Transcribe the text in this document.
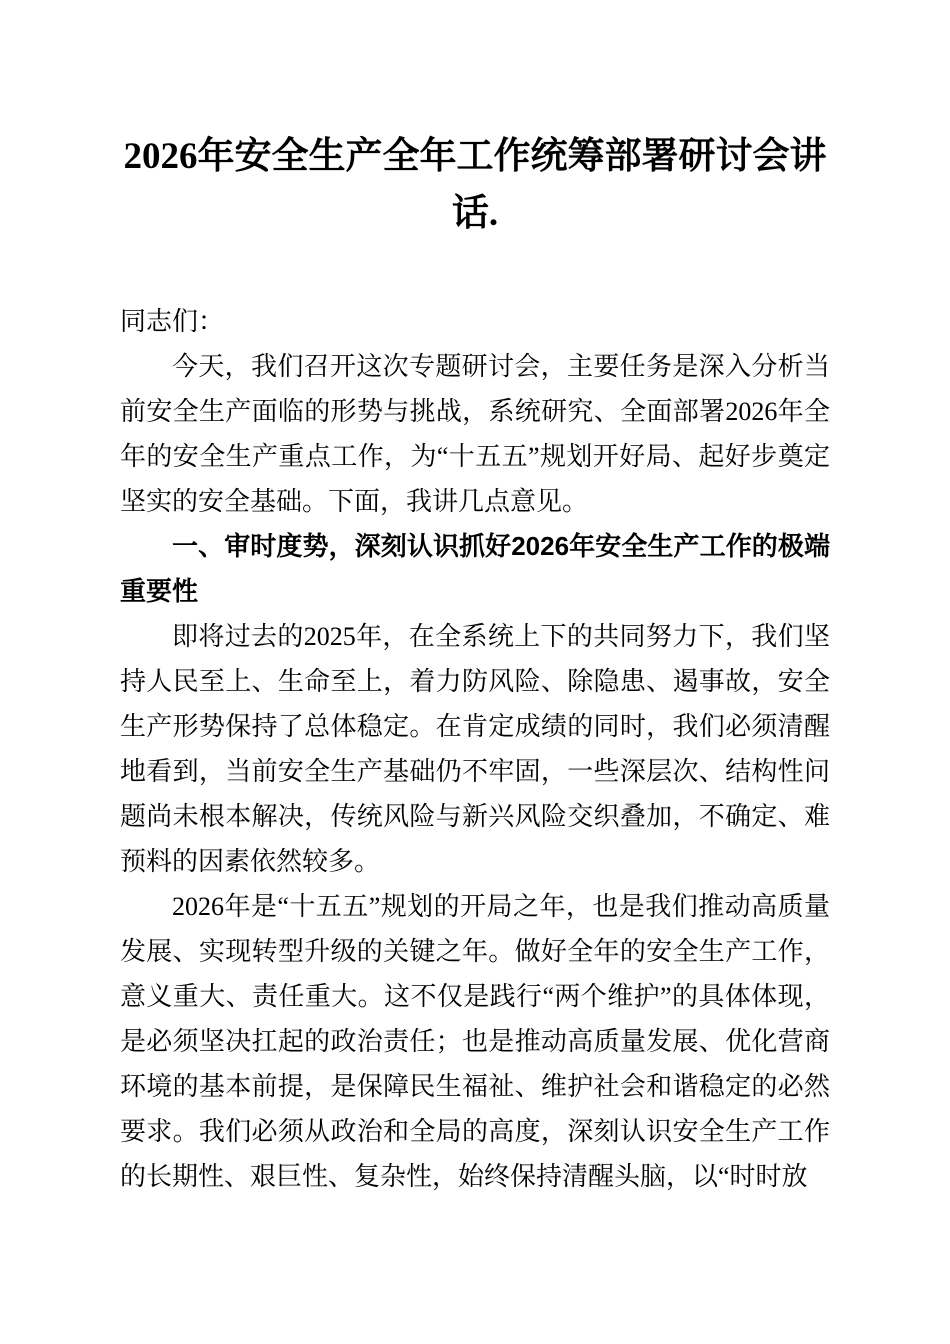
2026年安全生产全年工作统筹部署研讨会讲话.

同志们：

今天，我们召开这次专题研讨会，主要任务是深入分析当前安全生产面临的形势与挑战，系统研究、全面部署2026年全年的安全生产重点工作，为“十五五”规划开好局、起好步奠定坚实的安全基础。下面，我讲几点意见。

一、审时度势，深刻认识抓好2026年安全生产工作的极端重要性

即将过去的2025年，在全系统上下的共同努力下，我们坚持人民至上、生命至上，着力防风险、除隐患、遏事故，安全生产形势保持了总体稳定。在肯定成绩的同时，我们必须清醒地看到，当前安全生产基础仍不牢固，一些深层次、结构性问题尚未根本解决，传统风险与新兴风险交织叠加，不确定、难预料的因素依然较多。

2026年是“十五五”规划的开局之年，也是我们推动高质量发展、实现转型升级的关键之年。做好全年的安全生产工作，意义重大、责任重大。这不仅是践行“两个维护”的具体体现，是必须坚决扛起的政治责任；也是推动高质量发展、优化营商环境的基本前提，是保障民生福祉、维护社会和谐稳定的必然要求。我们必须从政治和全局的高度，深刻认识安全生产工作的长期性、艰巨性、复杂性，始终保持清醒头脑，以“时时放
